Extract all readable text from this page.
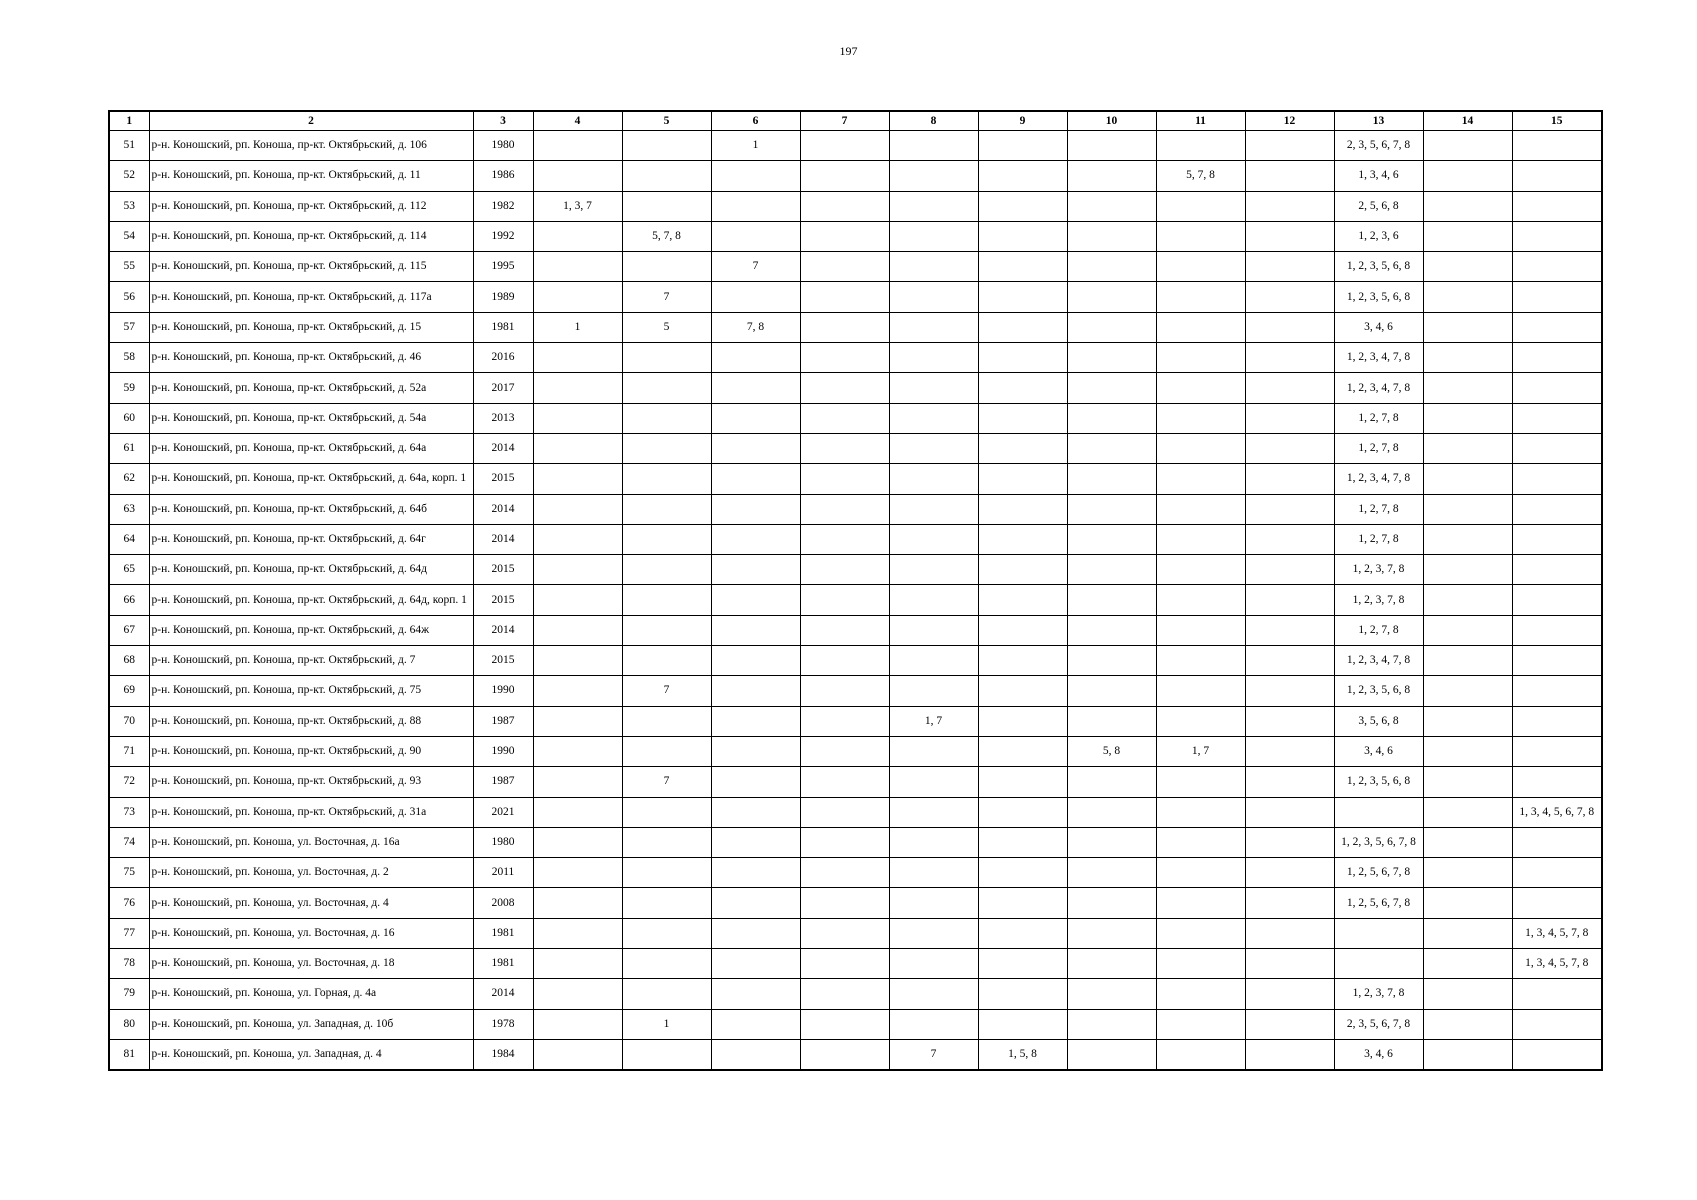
197
1	2	3	4	5	6	7	8	9	10	11	12	13	14	15
51	р-н. Коношский, рп. Коноша, пр-кт. Октябрьский, д. 106	1980			1							2, 3, 5, 6, 7, 8		
52	р-н. Коношский, рп. Коноша, пр-кт. Октябрьский, д. 11	1986								5, 7, 8		1, 3, 4, 6		
53	р-н. Коношский, рп. Коноша, пр-кт. Октябрьский, д. 112	1982	1, 3, 7									2, 5, 6, 8		
54	р-н. Коношский, рп. Коноша, пр-кт. Октябрьский, д. 114	1992		5, 7, 8								1, 2, 3, 6		
55	р-н. Коношский, рп. Коноша, пр-кт. Октябрьский, д. 115	1995			7							1, 2, 3, 5, 6, 8		
56	р-н. Коношский, рп. Коноша, пр-кт. Октябрьский, д. 117а	1989		7								1, 2, 3, 5, 6, 8		
57	р-н. Коношский, рп. Коноша, пр-кт. Октябрьский, д. 15	1981	1	5	7, 8							3, 4, 6		
58	р-н. Коношский, рп. Коноша, пр-кт. Октябрьский, д. 46	2016										1, 2, 3, 4, 7, 8		
59	р-н. Коношский, рп. Коноша, пр-кт. Октябрьский, д. 52а	2017										1, 2, 3, 4, 7, 8		
60	р-н. Коношский, рп. Коноша, пр-кт. Октябрьский, д. 54а	2013										1, 2, 7, 8		
61	р-н. Коношский, рп. Коноша, пр-кт. Октябрьский, д. 64а	2014										1, 2, 7, 8		
62	р-н. Коношский, рп. Коноша, пр-кт. Октябрьский, д. 64а, корп. 1	2015										1, 2, 3, 4, 7, 8		
63	р-н. Коношский, рп. Коноша, пр-кт. Октябрьский, д. 64б	2014										1, 2, 7, 8		
64	р-н. Коношский, рп. Коноша, пр-кт. Октябрьский, д. 64г	2014										1, 2, 7, 8		
65	р-н. Коношский, рп. Коноша, пр-кт. Октябрьский, д. 64д	2015										1, 2, 3, 7, 8		
66	р-н. Коношский, рп. Коноша, пр-кт. Октябрьский, д. 64д, корп. 1	2015										1, 2, 3, 7, 8		
67	р-н. Коношский, рп. Коноша, пр-кт. Октябрьский, д. 64ж	2014										1, 2, 7, 8		
68	р-н. Коношский, рп. Коноша, пр-кт. Октябрьский, д. 7	2015										1, 2, 3, 4, 7, 8		
69	р-н. Коношский, рп. Коноша, пр-кт. Октябрьский, д. 75	1990		7								1, 2, 3, 5, 6, 8		
70	р-н. Коношский, рп. Коноша, пр-кт. Октябрьский, д. 88	1987					1, 7					3, 5, 6, 8		
71	р-н. Коношский, рп. Коноша, пр-кт. Октябрьский, д. 90	1990							5, 8	1, 7		3, 4, 6		
72	р-н. Коношский, рп. Коноша, пр-кт. Октябрьский, д. 93	1987		7								1, 2, 3, 5, 6, 8		
73	р-н. Коношский, рп. Коноша, пр-кт. Октябрьский, д. 31а	2021												1, 3, 4, 5, 6, 7, 8
74	р-н. Коношский, рп. Коноша, ул. Восточная, д. 16а	1980										1, 2, 3, 5, 6, 7, 8		
75	р-н. Коношский, рп. Коноша, ул. Восточная, д. 2	2011										1, 2, 5, 6, 7, 8		
76	р-н. Коношский, рп. Коноша, ул. Восточная, д. 4	2008										1, 2, 5, 6, 7, 8		
77	р-н. Коношский, рп. Коноша, ул. Восточная, д. 16	1981												1, 3, 4, 5, 7, 8
78	р-н. Коношский, рп. Коноша, ул. Восточная, д. 18	1981												1, 3, 4, 5, 7, 8
79	р-н. Коношский, рп. Коноша, ул. Горная, д. 4а	2014										1, 2, 3, 7, 8		
80	р-н. Коношский, рп. Коноша, ул. Западная, д. 10б	1978		1								2, 3, 5, 6, 7, 8		
81	р-н. Коношский, рп. Коноша, ул. Западная, д. 4	1984					7	1, 5, 8				3, 4, 6		
